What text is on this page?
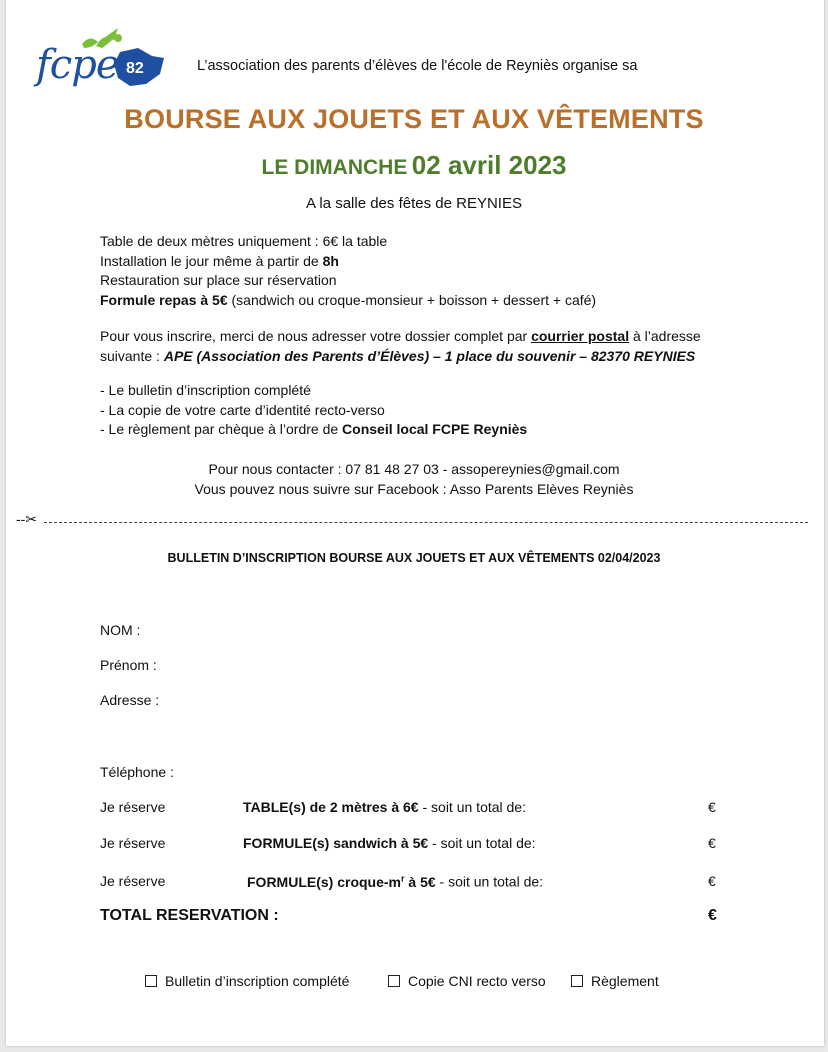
fcpe 82	L’association des parents d’élèves de l'école de Reyniès organise sa
BOURSE AUX JOUETS ET AUX VÊTEMENTS
LE DIMANCHE 02 avril 2023
A la salle des fêtes de REYNIES
Table de deux mètres uniquement : 6€ la table
Installation le jour même à partir de 8h
Restauration sur place sur réservation
Formule repas à 5€ (sandwich ou croque-monsieur + boisson + dessert + café)
Pour vous inscrire, merci de nous adresser votre dossier complet par courrier postal à l’adresse
suivante : APE (Association des Parents d’Élèves) – 1 place du souvenir – 82370 REYNIES
- Le bulletin d’inscription complété
- La copie de votre carte d’identité recto-verso
- Le règlement par chèque à l’ordre de Conseil local FCPE Reyniès
Pour nous contacter : 07 81 48 27 03 - assopereynies@gmail.com
Vous pouvez nous suivre sur Facebook : Asso Parents Elèves Reyniès
--✂
BULLETIN D’INSCRIPTION BOURSE AUX JOUETS ET AUX VÊTEMENTS 02/04/2023
NOM :
Prénom :
Adresse :
Téléphone :
Je réserve	TABLE(s) de 2 mètres à 6€ - soit un total de:	€
Je réserve	FORMULE(s) sandwich à 5€ - soit un total de:	€
Je réserve	FORMULE(s) croque-$m^r$ à 5€ - soit un total de:	€
TOTAL RESERVATION :	€
Bulletin d’inscription complété	Copie CNI recto verso	Règlement
